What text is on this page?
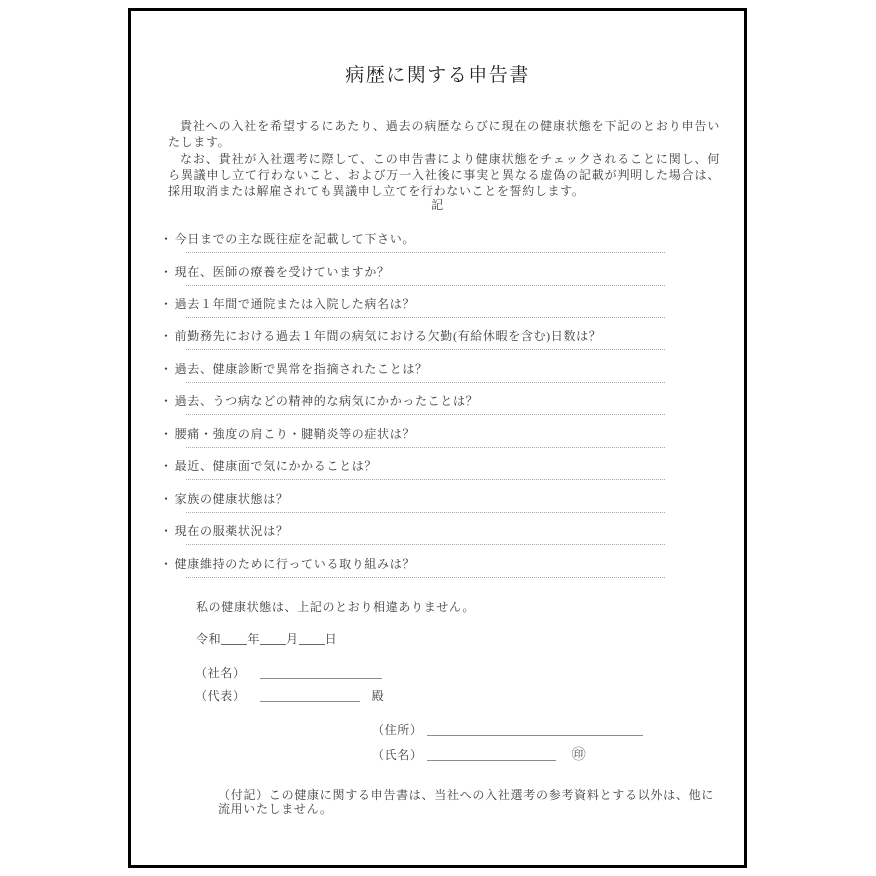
病歴に関する申告書

貴社への入社を希望するにあたり、過去の病歴ならびに現在の健康状態を下記のとおり申告いたします。

なお、貴社が入社選考に際して、この申告書により健康状態をチェックされることに関し、何ら異議申し立て行わないこと、および万一入社後に事実と異なる虚偽の記載が判明した場合は、採用取消または解雇されても異議申し立てを行わないことを誓約します。

記
・ 今日までの主な既往症を記載して下さい。
・ 現在、医師の療養を受けていますか？
・ 過去１年間で通院または入院した病名は？
・ 前勤務先における過去１年間の病気における欠勤(有給休暇を含む)日数は？
・ 過去、健康診断で異常を指摘されたことは？
・ 過去、うつ病などの精神的な病気にかかったことは？
・ 腰痛・強度の肩こり・腱鞘炎等の症状は？
・ 最近、健康面で気にかかることは？
・ 家族の健康状態は？
・ 現在の服薬状況は？
・ 健康維持のために行っている取り組みは？
私の健康状態は、上記のとおり相違ありません。
令和 年 月 日
（社名）
（代表）	殿
（住所）
（氏名）	㊞

（付記）この健康に関する申告書は、当社への入社選考の参考資料とする以外は、他に流用いたしません。
